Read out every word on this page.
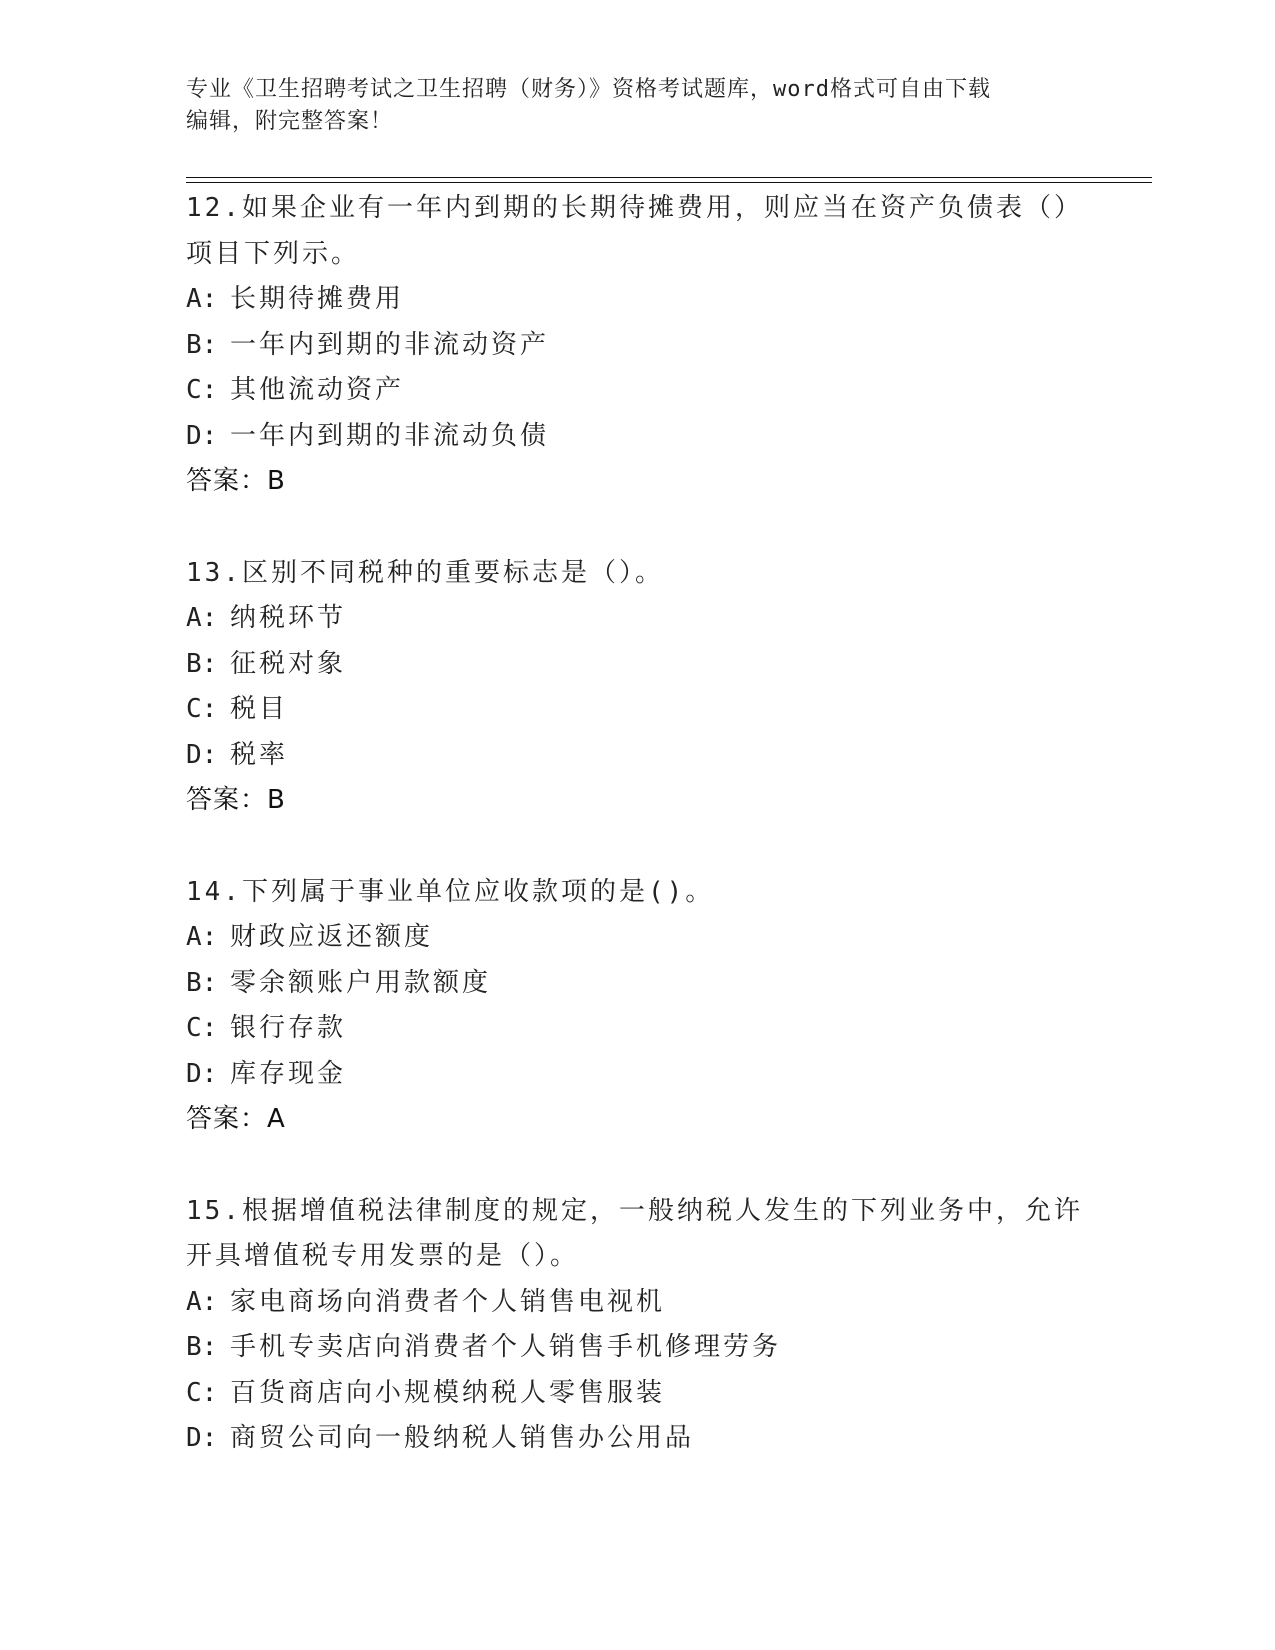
专业《卫生招聘考试之卫生招聘（财务）》资格考试题库，word格式可自由下载
编辑，附完整答案！
12.如果企业有一年内到期的长期待摊费用，则应当在资产负债表（）
项目下列示。
A: 长期待摊费用
B: 一年内到期的非流动资产
C: 其他流动资产
D: 一年内到期的非流动负债
答案：B
13.区别不同税种的重要标志是（）。
A: 纳税环节
B: 征税对象
C: 税目
D: 税率
答案：B
14.下列属于事业单位应收款项的是()。
A: 财政应返还额度
B: 零余额账户用款额度
C: 银行存款
D: 库存现金
答案：A
15.根据增值税法律制度的规定，一般纳税人发生的下列业务中，允许
开具增值税专用发票的是（）。
A: 家电商场向消费者个人销售电视机
B: 手机专卖店向消费者个人销售手机修理劳务
C: 百货商店向小规模纳税人零售服装
D: 商贸公司向一般纳税人销售办公用品
